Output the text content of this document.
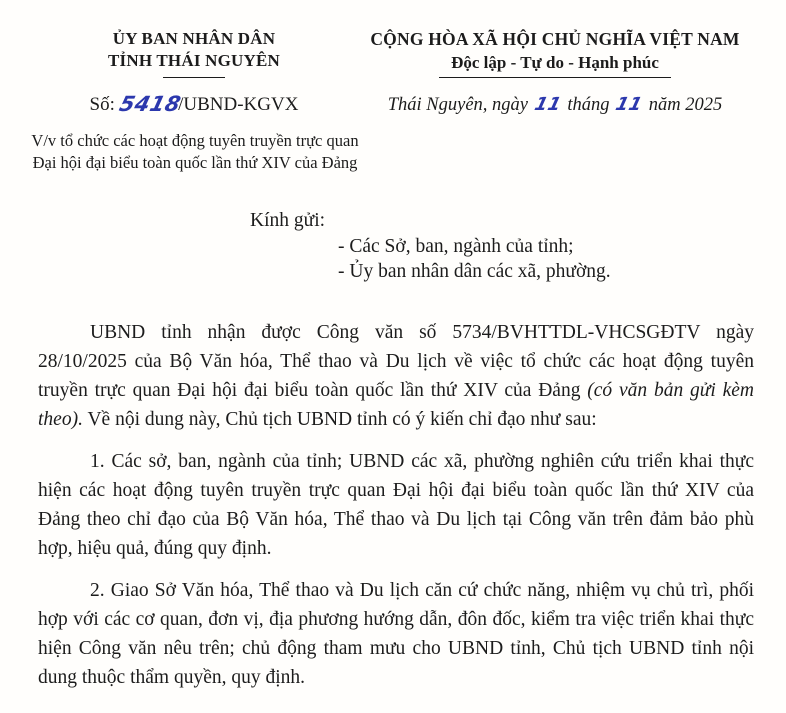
ỦY BAN NHÂN DÂN
TỈNH THÁI NGUYÊN
CỘNG HÒA XÃ HỘI CHỦ NGHĨA VIỆT NAM
Độc lập - Tự do - Hạnh phúc
Số: 5418/UBND-KGVX	Thái Nguyên, ngày 11 tháng 11 năm 2025
V/v tổ chức các hoạt động tuyên truyền trực quan Đại hội đại biểu toàn quốc lần thứ XIV của Đảng
Kính gửi:
- Các Sở, ban, ngành của tỉnh;
- Ủy ban nhân dân các xã, phường.

UBND tỉnh nhận được Công văn số 5734/BVHTTDL-VHCSGĐTV ngày 28/10/2025 của Bộ Văn hóa, Thể thao và Du lịch về việc tổ chức các hoạt động tuyên truyền trực quan Đại hội đại biểu toàn quốc lần thứ XIV của Đảng (có văn bản gửi kèm theo). Về nội dung này, Chủ tịch UBND tỉnh có ý kiến chỉ đạo như sau:

1. Các sở, ban, ngành của tỉnh; UBND các xã, phường nghiên cứu triển khai thực hiện các hoạt động tuyên truyền trực quan Đại hội đại biểu toàn quốc lần thứ XIV của Đảng theo chỉ đạo của Bộ Văn hóa, Thể thao và Du lịch tại Công văn trên đảm bảo phù hợp, hiệu quả, đúng quy định.

2. Giao Sở Văn hóa, Thể thao và Du lịch căn cứ chức năng, nhiệm vụ chủ trì, phối hợp với các cơ quan, đơn vị, địa phương hướng dẫn, đôn đốc, kiểm tra việc triển khai thực hiện Công văn nêu trên; chủ động tham mưu cho UBND tỉnh, Chủ tịch UBND tỉnh nội dung thuộc thẩm quyền, quy định.
